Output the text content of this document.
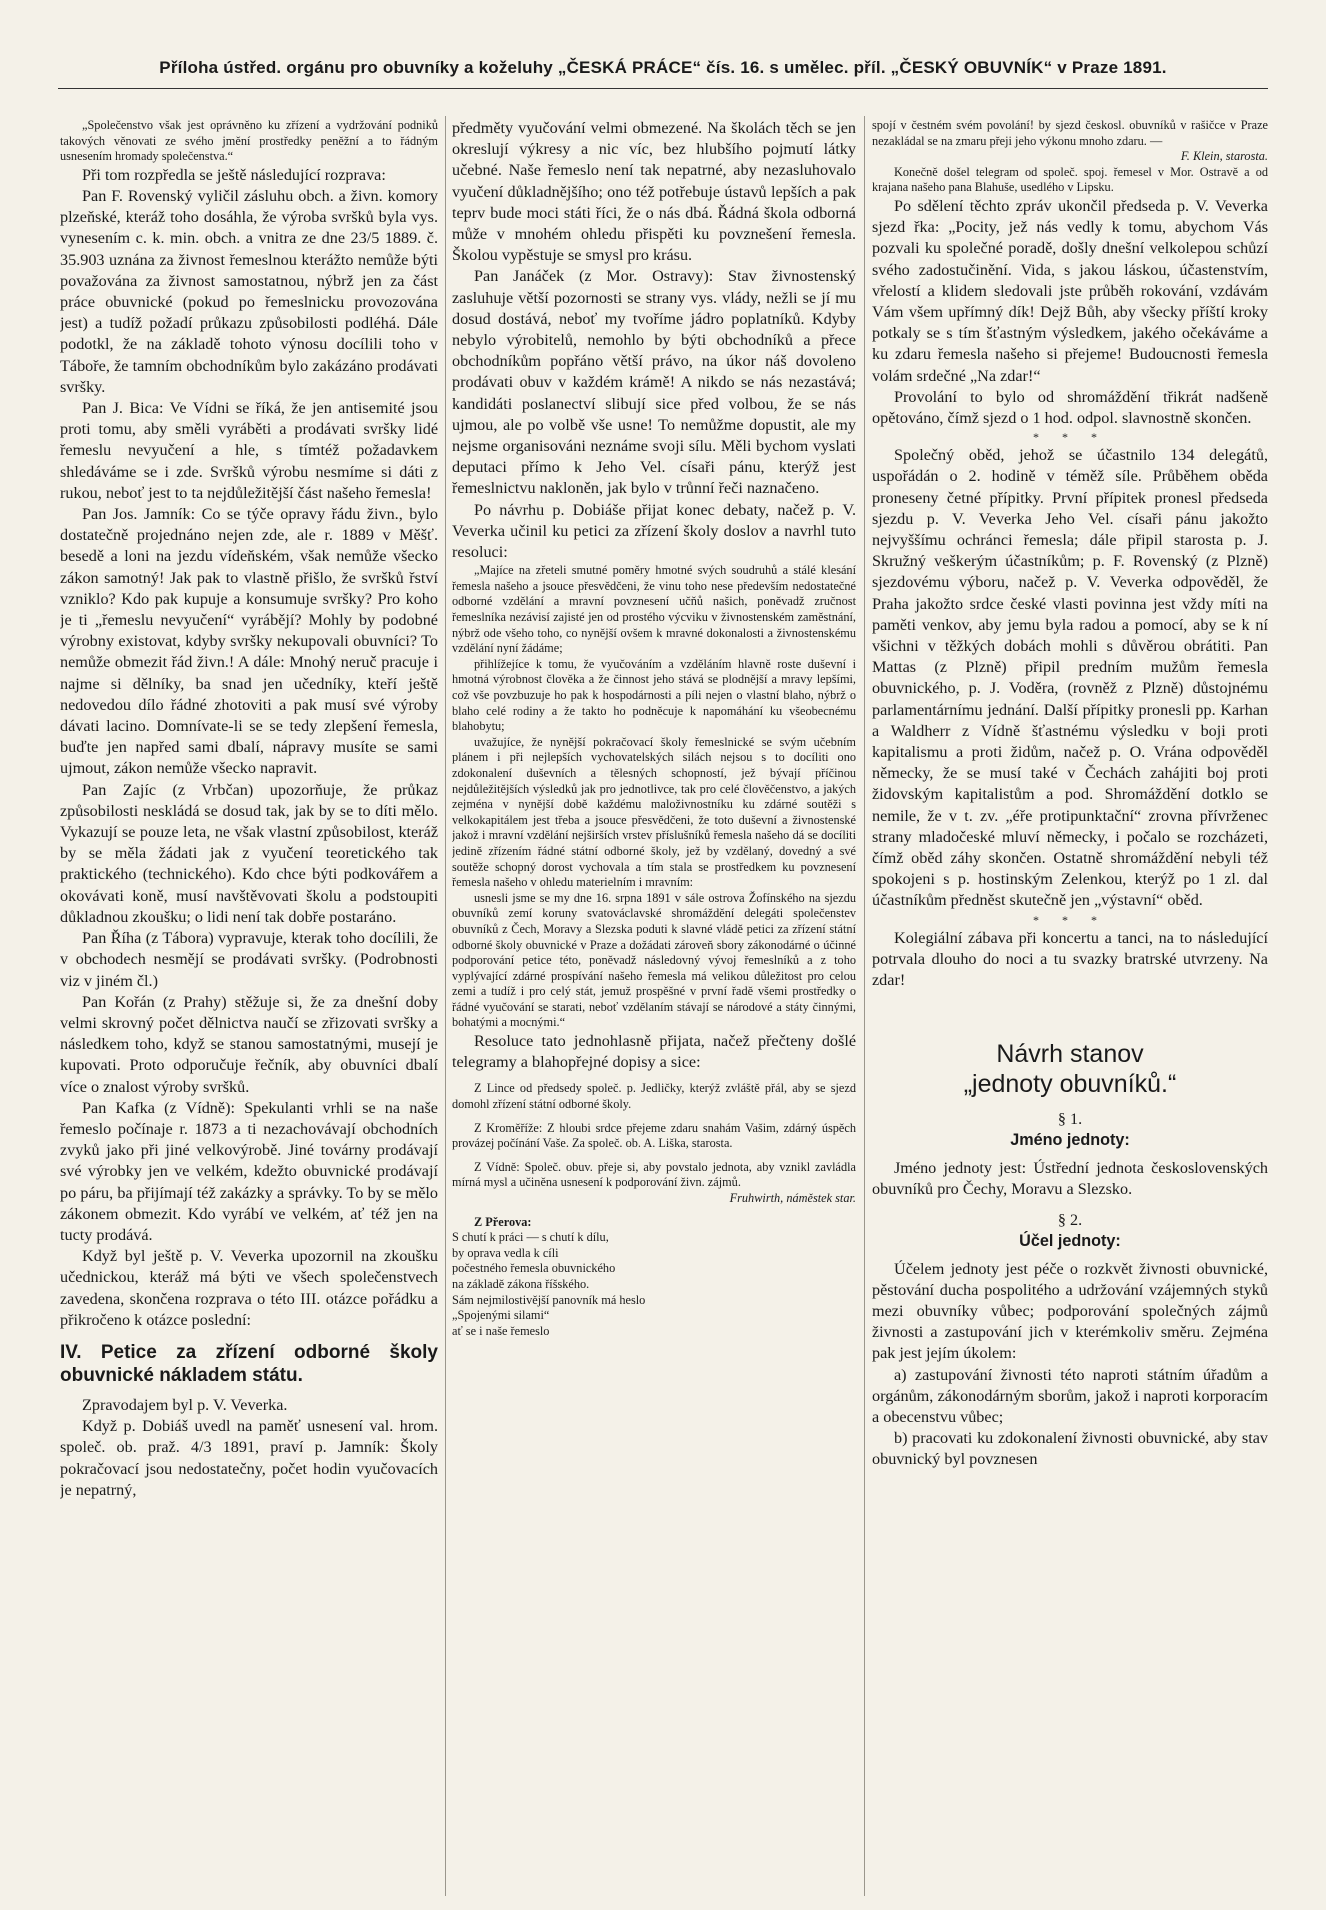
Příloha ústřed. orgánu pro obuvníky a koželuhy „ČESKÁ PRÁCE“ čís. 16. s umělec. příl. „ČESKÝ OBUVNÍK“ v Praze 1891.

„Společenstvo však jest oprávněno ku zřízení a vydržování podniků takových věnovati ze svého jmění prostředky peněžní a to řádným usnesením hromady společenstva.“

Při tom rozpředla se ještě následující rozprava:

Pan F. Rovenský vyličil zásluhu obch. a živn. komory plzeňské, kteráž toho dosáhla, že výroba svršků byla vys. vynesením c. k. min. obch. a vnitra ze dne 23/5 1889. č. 35.903 uznána za živnost řemeslnou kterážto nemůže býti považována za živnost samostatnou, nýbrž jen za část práce obuvnické (pokud po řemeslnicku provozována jest) a tudíž požadí průkazu způsobilosti podléhá. Dále podotkl, že na základě tohoto výnosu docílili toho v Táboře, že tamním obchodníkům bylo zakázáno prodávati svršky.

Pan J. Bica: Ve Vídni se říká, že jen antisemité jsou proti tomu, aby směli vyráběti a prodávati svršky lidé řemeslu nevyučení a hle, s tímtéž požadavkem shledáváme se i zde. Svršků výrobu nesmíme si dáti z rukou, neboť jest to ta nejdůležitější část našeho řemesla!

Pan Jos. Jamník: Co se týče opravy řádu živn., bylo dostatečně projednáno nejen zde, ale r. 1889 v Měšť. besedě a loni na jezdu vídeňském, však nemůže všecko zákon samotný! Jak pak to vlastně přišlo, že svršků řství vzniklo? Kdo pak kupuje a konsumuje svršky? Pro koho je ti „řemeslu nevyučení“ vyrábějí? Mohly by podobné výrobny existovat, kdyby svršky nekupovali obuvníci? To nemůže obmezit řád živn.! A dále: Mnohý neruč pracuje i najme si dělníky, ba snad jen učedníky, kteří ještě nedovedou dílo řádné zhotoviti a pak musí své výroby dávati lacino. Domnívate-li se se tedy zlepšení řemesla, buďte jen napřed sami dbalí, nápravy musíte se sami ujmout, zákon nemůže všecko napravit.

Pan Zajíc (z Vrbčan) upozorňuje, že průkaz způsobilosti neskládá se dosud tak, jak by se to díti mělo. Vykazují se pouze leta, ne však vlastní způsobilost, kteráž by se měla žádati jak z vyučení teoretického tak praktického (technického). Kdo chce býti podkovářem a okovávati koně, musí navštěvovati školu a podstoupiti důkladnou zkoušku; o lidi není tak dobře postaráno.

Pan Říha (z Tábora) vypravuje, kterak toho docílili, že v obchodech nesmějí se prodávati svršky. (Podrobnosti viz v jiném čl.)

Pan Kořán (z Prahy) stěžuje si, že za dnešní doby velmi skrovný počet dělnictva naučí se zřizovati svršky a následkem toho, když se stanou samostatnými, musejí je kupovati. Proto odporučuje řečník, aby obuvníci dbalí více o znalost výroby svršků.

Pan Kafka (z Vídně): Spekulanti vrhli se na naše řemeslo počínaje r. 1873 a ti nezachovávají obchodních zvyků jako při jiné velkovýrobě. Jiné továrny prodávají své výrobky jen ve velkém, kdežto obuvnické prodávají po páru, ba přijímají též zakázky a správky. To by se mělo zákonem obmezit. Kdo vyrábí ve velkém, ať též jen na tucty prodává.

Když byl ještě p. V. Veverka upozornil na zkoušku učednickou, kteráž má býti ve všech společenstvech zavedena, skončena rozprava o této III. otázce pořádku a přikročeno k otázce poslední:

IV. Petice za zřízení odborné školy obuvnické nákladem státu.

Zpravodajem byl p. V. Veverka.

Když p. Dobiáš uvedl na paměť usnesení val. hrom. společ. ob. praž. 4/3 1891, praví p. Jamník: Školy pokračovací jsou nedostatečny, počet hodin vyučovacích je nepatrný,

předměty vyučování velmi obmezené. Na školách těch se jen okreslují výkresy a nic víc, bez hlubšího pojmutí látky učebné. Naše řemeslo není tak nepatrné, aby nezasluhovalo vyučení důkladnějšího; ono též potřebuje ústavů lepších a pak teprv bude moci státi říci, že o nás dbá. Řádná škola odborná může v mnohém ohledu přispěti ku povznešení řemesla. Školou vypěstuje se smysl pro krásu.

Pan Janáček (z Mor. Ostravy): Stav živnostenský zasluhuje větší pozornosti se strany vys. vlády, nežli se jí mu dosud dostává, neboť my tvoříme jádro poplatníků. Kdyby nebylo výrobitelů, nemohlo by býti obchodníků a přece obchodníkům popřáno větší právo, na úkor náš dovoleno prodávati obuv v každém krámě! A nikdo se nás nezastává; kandidáti poslanectví slibují sice před volbou, že se nás ujmou, ale po volbě vše usne! To nemůžme dopustit, ale my nejsme organisováni neznáme svoji sílu. Měli bychom vyslati deputaci přímo k Jeho Vel. císaři pánu, kterýž jest řemeslnictvu nakloněn, jak bylo v trůnní řeči naznačeno.

Po návrhu p. Dobiáše přijat konec debaty, načež p. V. Veverka učinil ku petici za zřízení školy doslov a navrhl tuto resoluci:

„Majíce na zřeteli smutné poměry hmotné svých soudruhů a stálé klesání řemesla našeho a jsouce přesvědčeni, že vinu toho nese především nedostatečné odborné vzdělání a mravní povznesení učňů našich, poněvadž zručnost řemeslníka nezávisí zajisté jen od prostého výcviku v živnostenském zaměstnání, nýbrž ode všeho toho, co nynější ovšem k mravné dokonalosti a živnostenskému vzdělání nyní žádáme;

přihlížejíce k tomu, že vyučováním a vzděláním hlavně roste duševní i hmotná výrobnost člověka a že činnost jeho stává se plodnější a mravy lepšími, což vše povzbuzuje ho pak k hospodárnosti a píli nejen o vlastní blaho, nýbrž o blaho celé rodiny a že takto ho podněcuje k napomáhání ku všeobecnému blahobytu;

uvažujíce, že nynější pokračovací školy řemeslnické se svým učebním plánem i při nejlepších vychovatelských silách nejsou s to docíliti ono zdokonalení duševních a tělesných schopností, jež bývají příčinou nejdůležitějších výsledků jak pro jednotlivce, tak pro celé člověčenstvo, a jakých zejména v nynější době každému maloživnostníku ku zdárné soutěži s velkokapitálem jest třeba a jsouce přesvědčeni, že toto duševní a živnostenské jakož i mravní vzdělání nejširších vrstev příslušníků řemesla našeho dá se docíliti jedině zřízením řádné státní odborné školy, jež by vzdělaný, dovedný a své soutěže schopný dorost vychovala a tím stala se prostředkem ku povznesení řemesla našeho v ohledu materielním i mravním:

usnesli jsme se my dne 16. srpna 1891 v sále ostrova Žofínského na sjezdu obuvníků zemí koruny svatováclavské shromáždění delegáti společenstev obuvníků z Čech, Moravy a Slezska poduti k slavné vládě petici za zřízení státní odborné školy obuvnické v Praze a dožádati zároveň sbory zákonodárné o účinné podporování petice této, poněvadž následovný vývoj řemeslníků a z toho vyplývající zdárné prospívání našeho řemesla má velikou důležitost pro celou zemi a tudíž i pro celý stát, jemuž prospěšné v první řadě všemi prostředky o řádné vyučování se starati, neboť vzdělaním stávají se národové a státy činnými, bohatými a mocnými.“

Resoluce tato jednohlasně přijata, načež přečteny došlé telegramy a blahopřejné dopisy a sice:

Z Lince od předsedy společ. p. Jedličky, kterýž zvláště přál, aby se sjezd domohl zřízení státní odborné školy.

Z Kroměříže: Z hloubi srdce přejeme zdaru snahám Vašim, zdárný úspěch provázej počínání Vaše. Za společ. ob. A. Liška, starosta.

Z Vídně: Společ. obuv. přeje si, aby povstalo jednota, aby vznikl zavládla mírná mysl a učiněna usnesení k podporování živn. zájmů.

Fruhwirth, náměstek star.

Z Přerova:

S chutí k práci — s chutí k dílu,
by oprava vedla k cíli
počestného řemesla obuvnického
na základě zákona říšského.
Sám nejmilostivější panovník má heslo
„Spojenými silami“
ať se i naše řemeslo

spojí v čestném svém povolání! by sjezd českosl. obuvníků v rašičce v Praze nezakládal se na zmaru přeji jeho výkonu mnoho zdaru. —

F. Klein, starosta.

Konečně došel telegram od společ. spoj. řemesel v Mor. Ostravě a od krajana našeho pana Blahuše, usedlého v Lipsku.

Po sdělení těchto zpráv ukončil předseda p. V. Veverka sjezd řka: „Pocity, jež nás vedly k tomu, abychom Vás pozvali ku společné poradě, došly dnešní velkolepou schůzí svého zadostučinění. Vida, s jakou láskou, účastenstvím, vřelostí a klidem sledovali jste průběh rokování, vzdávám Vám všem upřímný dík! Dejž Bůh, aby všecky příští kroky potkaly se s tím šťastným výsledkem, jakého očekáváme a ku zdaru řemesla našeho si přejeme! Budoucnosti řemesla volám srdečné „Na zdar!“

Provolání to bylo od shromáždění třikrát nadšeně opětováno, čímž sjezd o 1 hod. odpol. slavnostně skončen.

* * *

Společný oběd, jehož se účastnilo 134 delegátů, uspořádán o 2. hodině v téměž síle. Průběhem oběda proneseny četné přípitky. První přípitek pronesl předseda sjezdu p. V. Veverka Jeho Vel. císaři pánu jakožto nejvyššímu ochránci řemesla; dále připil starosta p. J. Skružný veškerým účastníkům; p. F. Rovenský (z Plzně) sjezdovému výboru, načež p. V. Veverka odpověděl, že Praha jakožto srdce české vlasti povinna jest vždy míti na paměti venkov, aby jemu byla radou a pomocí, aby se k ní všichni v těžkých dobách mohli s důvěrou obrátiti. Pan Mattas (z Plzně) připil predním mužům řemesla obuvnického, p. J. Voděra, (rovněž z Plzně) důstojnému parlamentárnímu jednání. Další přípitky pronesli pp. Karhan a Waldherr z Vídně šťastnému výsledku v boji proti kapitalismu a proti židům, načež p. O. Vrána odpověděl německy, že se musí také v Čechách zahájiti boj proti židovským kapitalistům a pod. Shromáždění dotklo se nemile, že v t. zv. „éře protipunktační“ zrovna přívrženec strany mladočeské mluví německy, i počalo se rozcházeti, čímž oběd záhy skončen. Ostatně shromáždění nebyli též spokojeni s p. hostinským Zelenkou, kterýž po 1 zl. dal účastníkům předněst skutečně jen „výstavní“ oběd.

* * *

Kolegiální zábava při koncertu a tanci, na to následující potrvala dlouho do noci a tu svazky bratrské utvrzeny. Na zdar!

Návrh stanov

„jednoty obuvníků.“

§ 1.

Jméno jednoty:

Jméno jednoty jest: Ústřední jednota československých obuvníků pro Čechy, Moravu a Slezsko.

§ 2.

Účel jednoty:

Účelem jednoty jest péče o rozkvět živnosti obuvnické, pěstování ducha pospolitého a udržování vzájemných styků mezi obuvníky vůbec; podporování společných zájmů živnosti a zastupování jich v kterémkoliv směru. Zejména pak jest jejím úkolem:

a) zastupování živnosti této naproti státním úřadům a orgánům, zákonodárným sborům, jakož i naproti korporacím a obecenstvu vůbec;

b) pracovati ku zdokonalení živnosti obuvnické, aby stav obuvnický byl povznesen
